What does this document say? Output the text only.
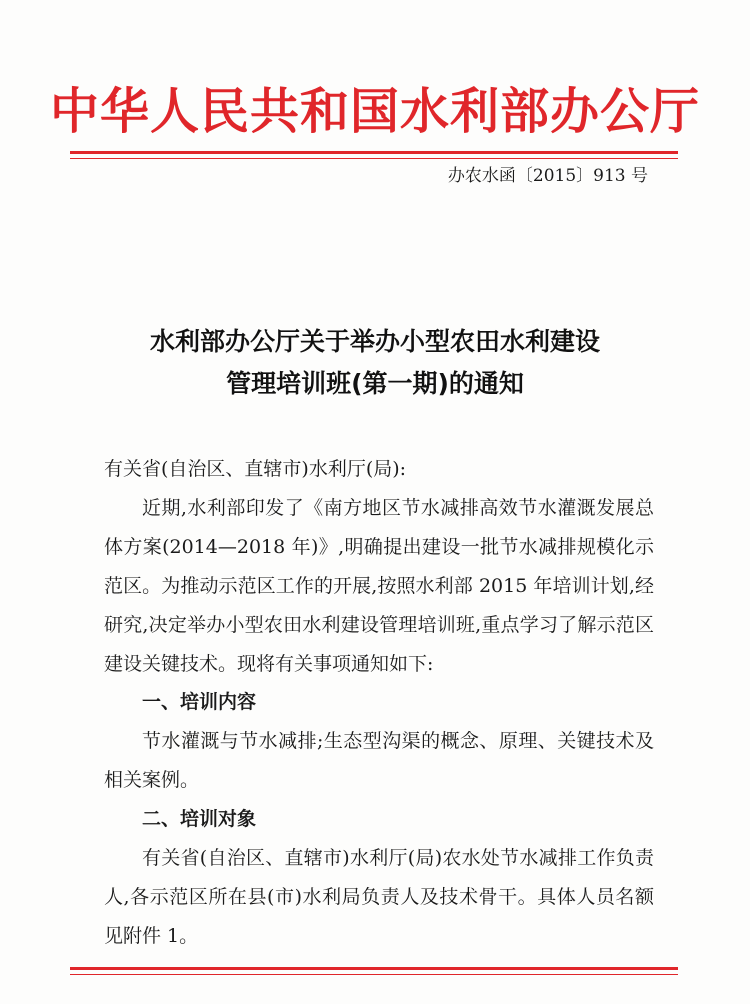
中华人民共和国水利部办公厅
办农水函〔2015〕913 号
水利部办公厅关于举办小型农田水利建设
管理培训班(第一期)的通知

有关省(自治区、直辖市)水利厅(局):

近期,水利部印发了《南方地区节水减排高效节水灌溉发展总体方案(2014—2018 年)》,明确提出建设一批节水减排规模化示范区。为推动示范区工作的开展,按照水利部 2015 年培训计划,经研究,决定举办小型农田水利建设管理培训班,重点学习了解示范区建设关键技术。现将有关事项通知如下:

一、培训内容

节水灌溉与节水减排;生态型沟渠的概念、原理、关键技术及相关案例。

二、培训对象

有关省(自治区、直辖市)水利厅(局)农水处节水减排工作负责人,各示范区所在县(市)水利局负责人及技术骨干。具体人员名额见附件 1。
